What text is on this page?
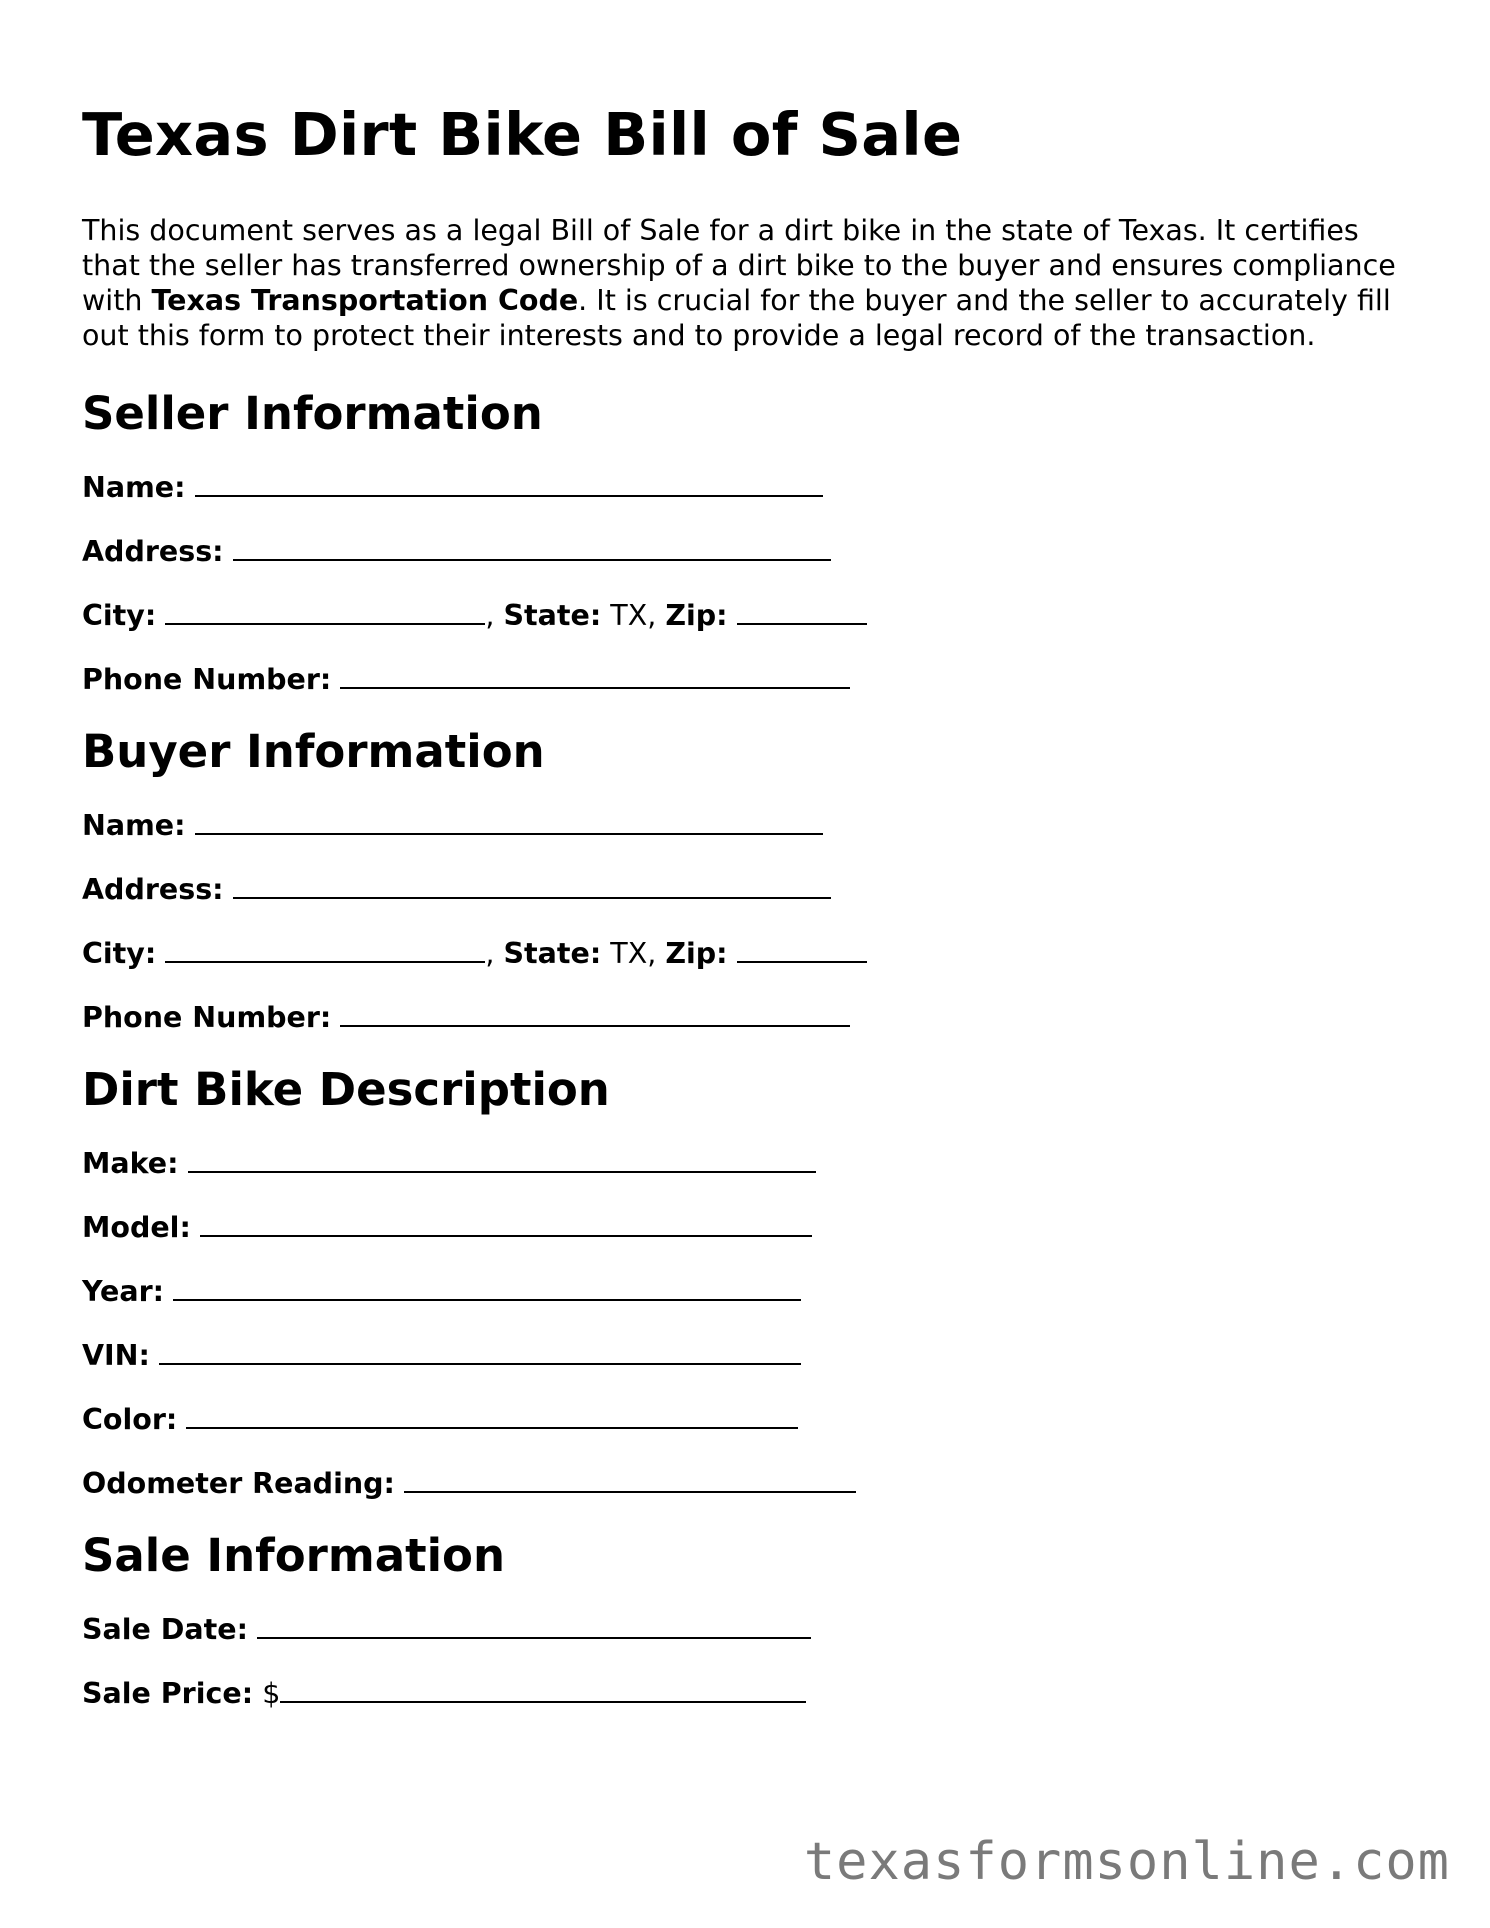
Texas Dirt Bike Bill of Sale

This document serves as a legal Bill of Sale for a dirt bike in the state of Texas. It certifies that the seller has transferred ownership of a dirt bike to the buyer and ensures compliance with Texas Transportation Code. It is crucial for the buyer and the seller to accurately fill out this form to protect their interests and to provide a legal record of the transaction.

Seller Information

Name:

Address:

City:	, State: TX, Zip:

Phone Number:

Buyer Information

Name:

Address:

City:	, State: TX, Zip:

Phone Number:

Dirt Bike Description

Make:

Model:

Year:

VIN:

Color:

Odometer Reading:

Sale Information

Sale Date:

Sale Price: $

texasformsonline.com
